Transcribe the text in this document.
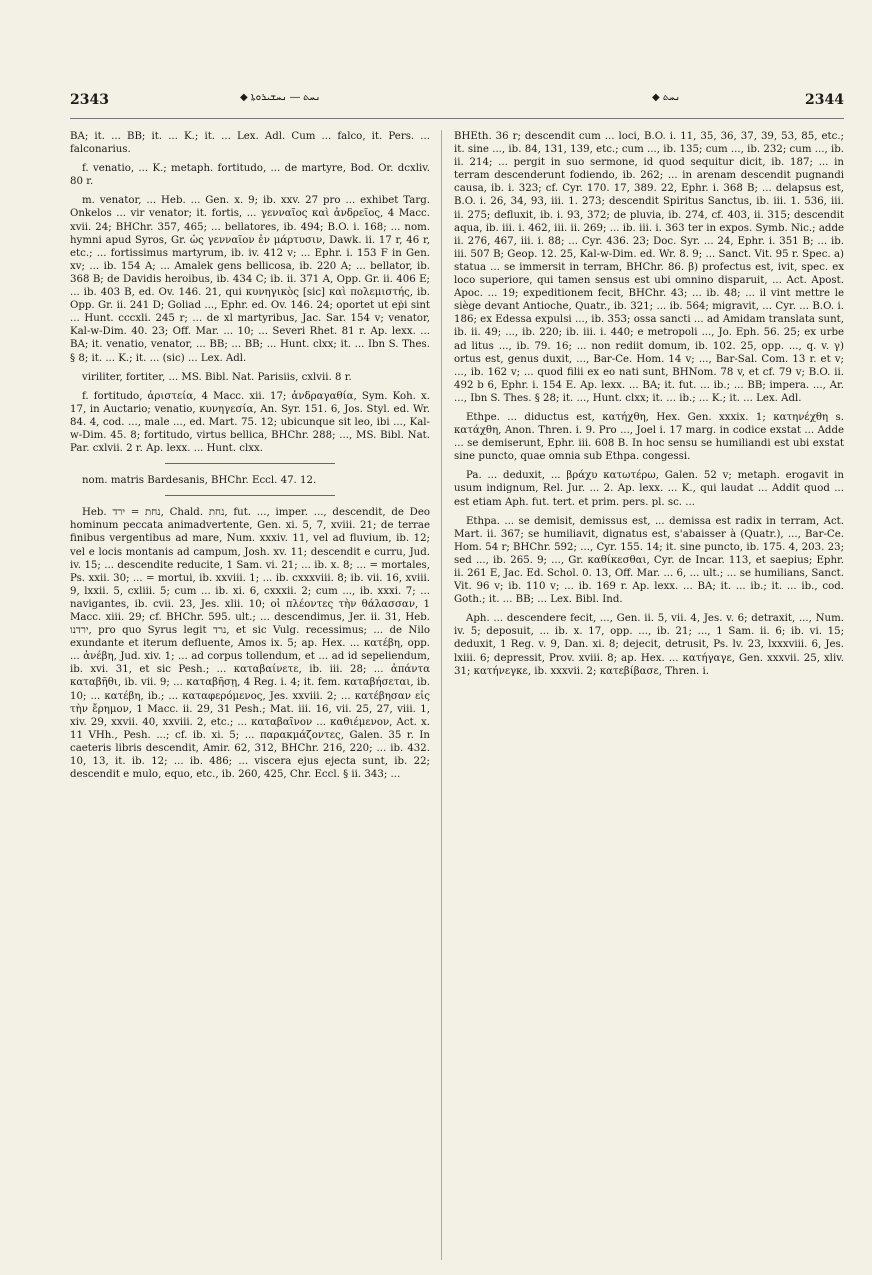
2343	◆ ܢܚܬ ― ܢܚܫܝܪܘܬܐ	◆ ܢܚܬ	2344

BA; it. ... BB; it. ... K.; it. ... Lex. Adl. Cum ... falco, it. Pers. ... falconarius.

f. venatio, ... K.; metaph. fortitudo, ... de martyre, Bod. Or. dcxliv. 80 r.

m. venator, ... Heb. ... Gen. x. 9; ib. xxv. 27 pro ... exhibet Targ. Onkelos ... vir venator; it. fortis, ... γενναῖος καὶ ἀνδρεῖος, 4 Macc. xvii. 24; BHChr. 357, 465; ... bellatores, ib. 494; B.O. i. 168; ... nom. hymni apud Syros, Gr. ὡς γενναῖον ἐν μάρτυσιν, Dawk. ii. 17 r, 46 r, etc.; ... fortissimus martyrum, ib. iv. 412 v; ... Ephr. i. 153 F in Gen. xv; ... ib. 154 A; ... Amalek gens bellicosa, ib. 220 A; ... bellator, ib. 368 B; de Davidis heroibus, ib. 434 C; ib. ii. 371 A, Opp. Gr. ii. 406 E; ... ib. 403 B, ed. Ov. 146. 21, qui κυνηγικὸς [sic] καὶ πολεμιστής, ib. Opp. Gr. ii. 241 D; Goliad ..., Ephr. ed. Ov. 146. 24; oportet ut eṗi sint ... Hunt. cccxli. 245 r; ... de xl martyribus, Jac. Sar. 154 v; venator, Kal-w-Dim. 40. 23; Off. Mar. ... 10; ... Severi Rhet. 81 r. Ap. lexx. ... BA; it. venatio, venator, ... BB; ... BB; ... Hunt. clxx; it. ... Ibn S. Thes. § 8; it. ... K.; it. ... (sic) ... Lex. Adl.

viriliter, fortiter, ... MS. Bibl. Nat. Parisiis, cxlvii. 8 r.

f. fortitudo, ἀριστεία, 4 Macc. xii. 17; ἀνδραγαθία, Sym. Koh. x. 17, in Auctario; venatio, κυνηγεσία, An. Syr. 151. 6, Jos. Styl. ed. Wr. 84. 4, cod. ..., male ..., ed. Mart. 75. 12; ubicunque sit leo, ibi ..., Kal-w-Dim. 45. 8; fortitudo, virtus bellica, BHChr. 288; ..., MS. Bibl. Nat. Par. cxlvii. 2 r. Ap. lexx. ... Hunt. clxx.

nom. matris Bardesanis, BHChr. Eccl. 47. 12.

Heb. נחת = ירד, Chald. נחת, fut. ..., imper. ..., descendit, de Deo hominum peccata animadvertente, Gen. xi. 5, 7, xviii. 21; de terrae finibus vergentibus ad mare, Num. xxxiv. 11, vel ad fluvium, ib. 12; vel e locis montanis ad campum, Josh. xv. 11; descendit e curru, Jud. iv. 15; ... descendite reducite, 1 Sam. vi. 21; ... ib. x. 8; ... = mortales, Ps. xxii. 30; ... = mortui, ib. xxviii. 1; ... ib. cxxxviii. 8; ib. vii. 16, xviii. 9, lxxii. 5, cxliii. 5; cum ... ib. xi. 6, cxxxii. 2; cum ..., ib. xxxi. 7; ... navigantes, ib. cvii. 23, Jes. xlii. 10; οἱ πλέοντες τὴν θάλασσαν, 1 Macc. xiii. 29; cf. BHChr. 595. ult.; ... descendimus, Jer. ii. 31, Heb. ירדנו, pro quo Syrus legit נרד, et sic Vulg. recessimus; ... de Nilo exundante et iterum defluente, Amos ix. 5; ap. Hex. ... κατέβη, opp. ... ἀνέβη, Jud. xiv. 1; ... ad corpus tollendum, et ... ad id sepeliendum, ib. xvi. 31, et sic Pesh.; ... καταβαίνετε, ib. iii. 28; ... ἀπάντα καταβῆθι, ib. vii. 9; ... καταβῆσῃ, 4 Reg. i. 4; it. fem. καταβήσεται, ib. 10; ... κατέβη, ib.; ... καταφερόμενος, Jes. xxviii. 2; ... κατέβησαν εἰς τὴν ἔρημον, 1 Macc. ii. 29, 31 Pesh.; Mat. iii. 16, vii. 25, 27, viii. 1, xiv. 29, xxvii. 40, xxviii. 2, etc.; ... καταβαῖνον ... καθιέμενον, Act. x. 11 VHh., Pesh. ...; cf. ib. xi. 5; ... παρακμάζοντες, Galen. 35 r. In caeteris libris descendit, Amir. 62, 312, BHChr. 216, 220; ... ib. 432. 10, 13, it. ib. 12; ... ib. 486; ... viscera ejus ejecta sunt, ib. 22; descendit e mulo, equo, etc., ib. 260, 425, Chr. Eccl. § ii. 343; ...

BHEth. 36 r; descendit cum ... loci, B.O. i. 11, 35, 36, 37, 39, 53, 85, etc.; it. sine ..., ib. 84, 131, 139, etc.; cum ..., ib. 135; cum ..., ib. 232; cum ..., ib. ii. 214; ... pergit in suo sermone, id quod sequitur dicit, ib. 187; ... in terram descenderunt fodiendo, ib. 262; ... in arenam descendit pugnandi causa, ib. i. 323; cf. Cyr. 170. 17, 389. 22, Ephr. i. 368 B; ... delapsus est, B.O. i. 26, 34, 93, iii. 1. 273; descendit Spiritus Sanctus, ib. iii. 1. 536, iii. ii. 275; defluxit, ib. i. 93, 372; de pluvia, ib. 274, cf. 403, ii. 315; descendit aqua, ib. iii. i. 462, iii. ii. 269; ... ib. iii. i. 363 ter in expos. Symb. Nic.; adde ii. 276, 467, iii. i. 88; ... Cyr. 436. 23; Doc. Syr. ... 24, Ephr. i. 351 B; ... ib. iii. 507 B; Geop. 12. 25, Kal-w-Dim. ed. Wr. 8. 9; ... Sanct. Vit. 95 r. Spec. a) statua ... se immersit in terram, BHChr. 86. β) profectus est, ivit, spec. ex loco superiore, qui tamen sensus est ubi omnino disparuit, ... Act. Apost. Apoc. ... 19; expeditionem fecit, BHChr. 43; ... ib. 48; ... il vint mettre le siège devant Antioche, Quatr., ib. 321; ... ib. 564; migravit, ... Cyr. ... B.O. i. 186; ex Edessa expulsi ..., ib. 353; ossa sancti ... ad Amidam translata sunt, ib. ii. 49; ..., ib. 220; ib. iii. i. 440; e metropoli ..., Jo. Eph. 56. 25; ex urbe ad litus ..., ib. 79. 16; ... non rediit domum, ib. 102. 25, opp. ..., q. v. γ) ortus est, genus duxit, ..., Bar-Ce. Hom. 14 v; ..., Bar-Sal. Com. 13 r. et v; ..., ib. 162 v; ... quod filii ex eo nati sunt, BHNom. 78 v, et cf. 79 v; B.O. ii. 492 b 6, Ephr. i. 154 E. Ap. lexx. ... BA; it. fut. ... ib.; ... BB; impera. ..., Ar. ..., Ibn S. Thes. § 28; it. ..., Hunt. clxx; it. ... ib.; ... K.; it. ... Lex. Adl.

Ethpe. ... diductus est, κατήχθη, Hex. Gen. xxxix. 1; κατηνέχθη s. κατάχθη, Anon. Thren. i. 9. Pro ..., Joel i. 17 marg. in codice exstat ... Adde ... se demiserunt, Ephr. iii. 608 B. In hoc sensu se humiliandi est ubi exstat sine puncto, quae omnia sub Ethpa. congessi.

Pa. ... deduxit, ... βράχυ κατωτέρω, Galen. 52 v; metaph. erogavit in usum indignum, Rel. Jur. ... 2. Ap. lexx. ... K., qui laudat ... Addit quod ... est etiam Aph. fut. tert. et prim. pers. pl. sc. ...

Ethpa. ... se demisit, demissus est, ... demissa est radix in terram, Act. Mart. ii. 367; se humiliavit, dignatus est, s'abaisser à (Quatr.), ..., Bar-Ce. Hom. 54 r; BHChr. 592; ..., Cyr. 155. 14; it. sine puncto, ib. 175. 4, 203. 23; sed ..., ib. 265. 9; ..., Gr. καθίκεσθαι, Cyr. de Incar. 113, et saepius; Ephr. ii. 261 E, Jac. Ed. Schol. 0. 13, Off. Mar. ... 6, ... ult.; ... se humilians, Sanct. Vit. 96 v; ib. 110 v; ... ib. 169 r. Ap. lexx. ... BA; it. ... ib.; it. ... ib., cod. Goth.; it. ... BB; ... Lex. Bibl. Ind.

Aph. ... descendere fecit, ..., Gen. ii. 5, vii. 4, Jes. v. 6; detraxit, ..., Num. iv. 5; deposuit, ... ib. x. 17, opp. ..., ib. 21; ..., 1 Sam. ii. 6; ib. vi. 15; deduxit, 1 Reg. v. 9, Dan. xi. 8; dejecit, detrusit, Ps. lv. 23, lxxxviii. 6, Jes. lxiii. 6; depressit, Prov. xviii. 8; ap. Hex. ... κατήγαγε, Gen. xxxvii. 25, xliv. 31; κατήνεγκε, ib. xxxvii. 2; κατεβίβασε, Thren. i.
